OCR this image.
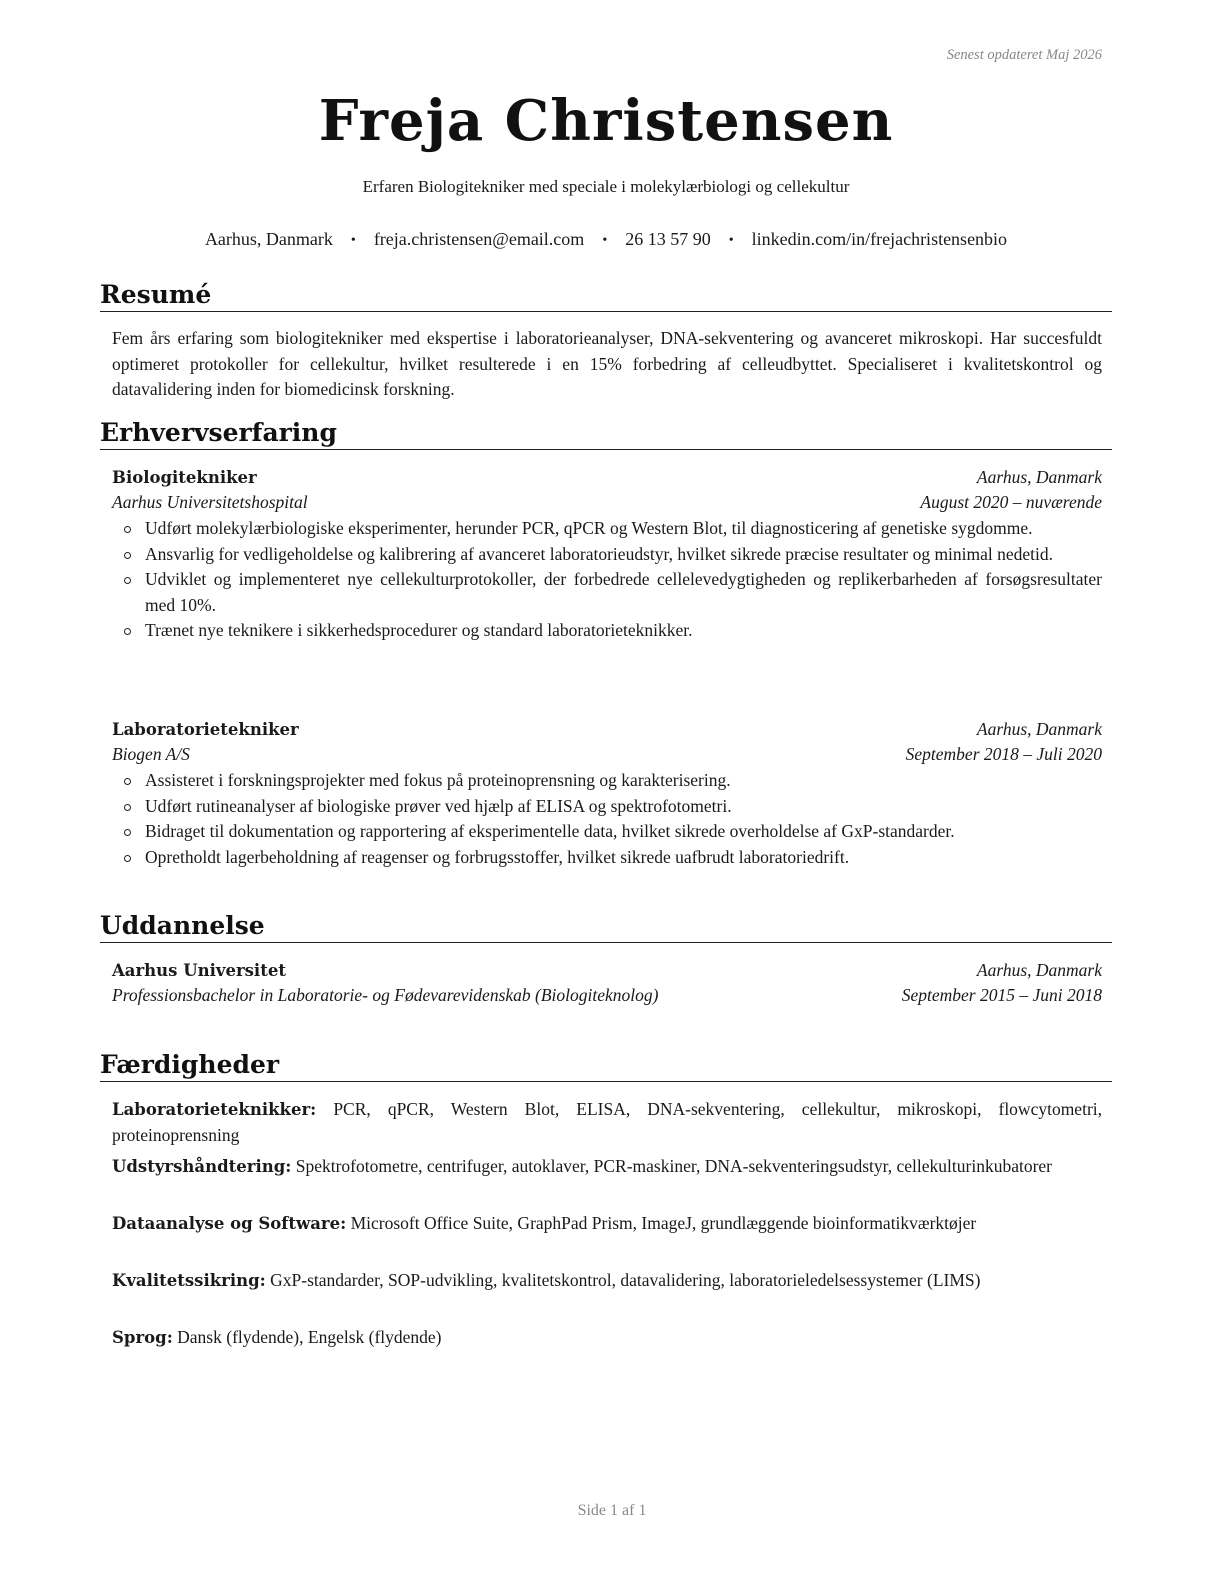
Senest opdateret Maj 2026
Freja Christensen
Erfaren Biologitekniker med speciale i molekylærbiologi og cellekultur
Aarhus, Danmark • freja.christensen@email.com • 26 13 57 90 • linkedin.com/in/frejachristensenbio
Resumé
Fem års erfaring som biologitekniker med ekspertise i laboratorieanalyser, DNA-sekventering og avanceret mikroskopi. Har succesfuldt optimeret protokoller for cellekultur, hvilket resulterede i en 15% forbedring af celleudbyttet. Specialiseret i kvalitetskontrol og datavalidering inden for biomedicinsk forskning.
Erhvervserfaring
Biologitekniker	Aarhus, Danmark
Aarhus Universitetshospital	August 2020 – nuværende
Udført molekylærbiologiske eksperimenter, herunder PCR, qPCR og Western Blot, til diagnosticering af genetiske sygdomme.
Ansvarlig for vedligeholdelse og kalibrering af avanceret laboratorieudstyr, hvilket sikrede præcise resultater og minimal nedetid.
Udviklet og implementeret nye cellekulturprotokoller, der forbedrede cellelevedygtigheden og replikerbarheden af forsøgsresultater med 10%.
Trænet nye teknikere i sikkerhedsprocedurer og standard laboratorieteknikker.
Laboratorietekniker	Aarhus, Danmark
Biogen A/S	September 2018 – Juli 2020
Assisteret i forskningsprojekter med fokus på proteinoprensning og karakterisering.
Udført rutineanalyser af biologiske prøver ved hjælp af ELISA og spektrofotometri.
Bidraget til dokumentation og rapportering af eksperimentelle data, hvilket sikrede overholdelse af GxP-standarder.
Opretholdt lagerbeholdning af reagenser og forbrugsstoffer, hvilket sikrede uafbrudt laboratoriedrift.
Uddannelse
Aarhus Universitet	Aarhus, Danmark
Professionsbachelor in Laboratorie- og Fødevarevidenskab (Biologiteknolog)	September 2015 – Juni 2018
Færdigheder
Laboratorieteknikker: PCR, qPCR, Western Blot, ELISA, DNA-sekventering, cellekultur, mikroskopi, flowcytometri, proteinoprensning
Udstyrshåndtering: Spektrofotometre, centrifuger, autoklaver, PCR-maskiner, DNA-sekventeringsudstyr, cellekulturinkubatorer
Dataanalyse og Software: Microsoft Office Suite, GraphPad Prism, ImageJ, grundlæggende bioinformatikværktøjer
Kvalitetssikring: GxP-standarder, SOP-udvikling, kvalitetskontrol, datavalidering, laboratorieledelsessystemer (LIMS)
Sprog: Dansk (flydende), Engelsk (flydende)
Side 1 af 1
